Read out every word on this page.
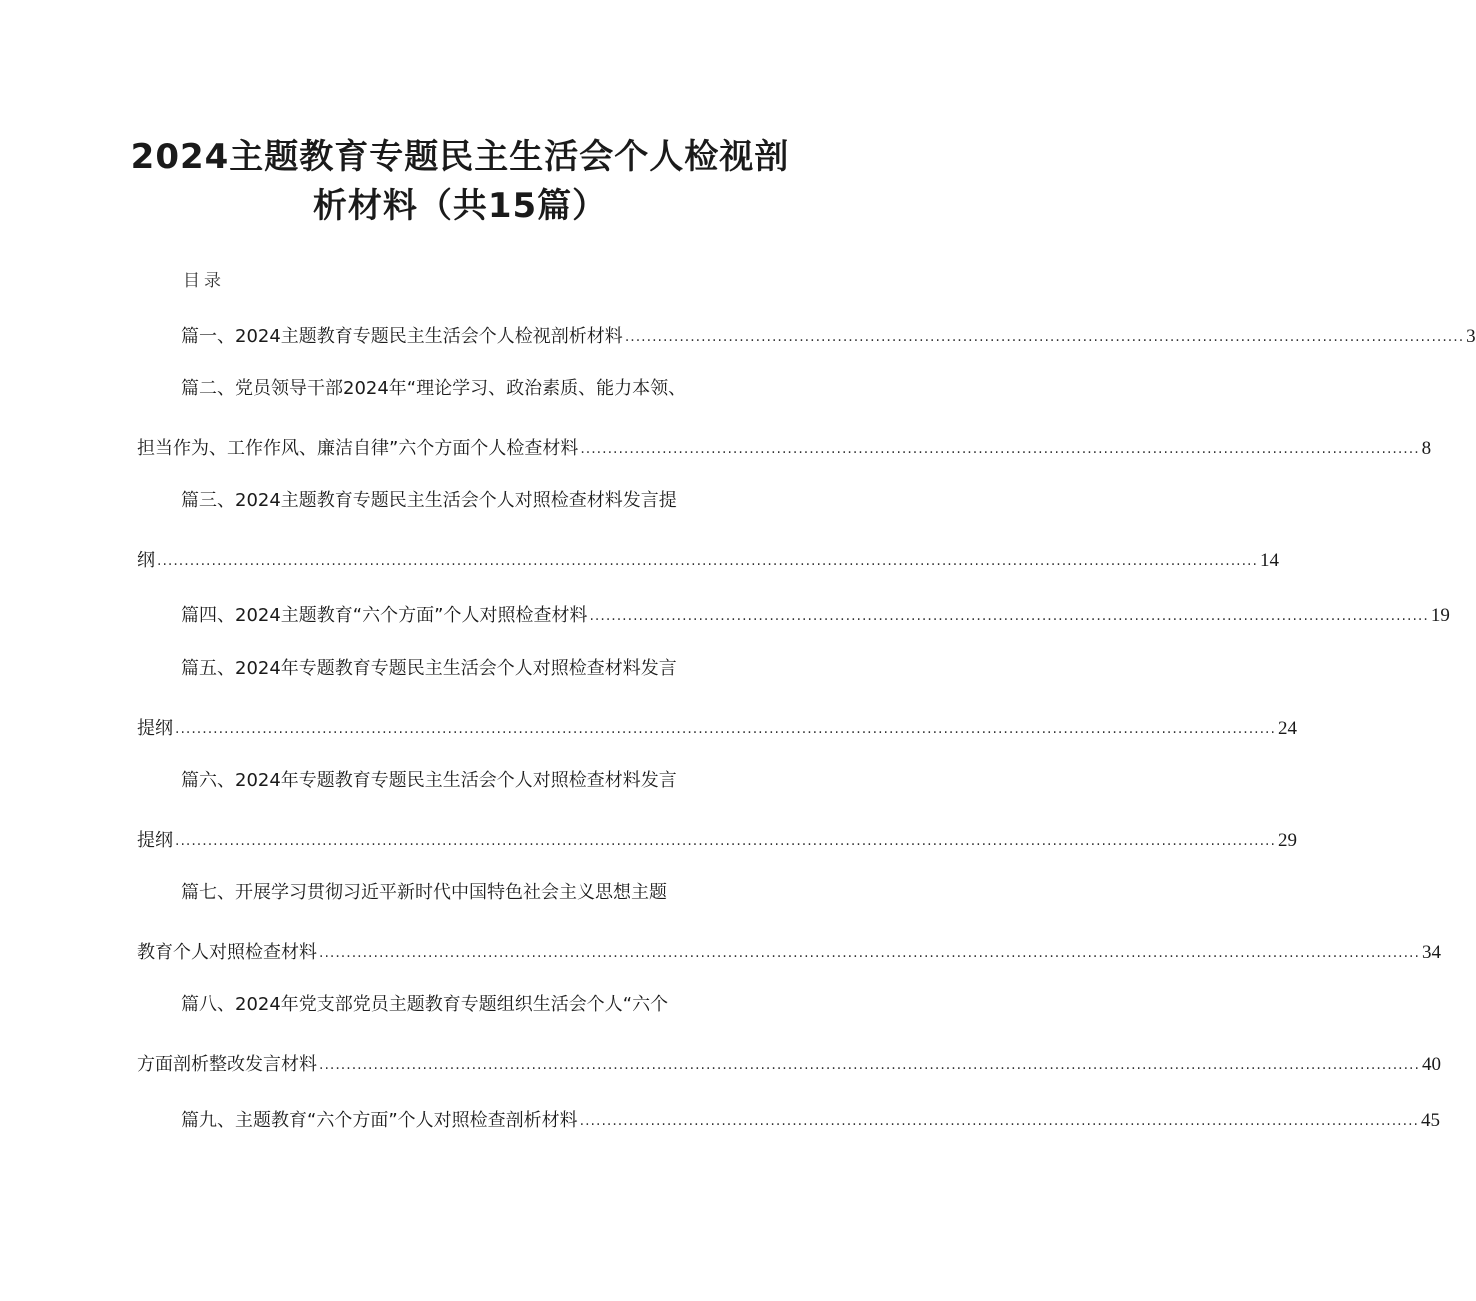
2024主题教育专题民主生活会个人检视剖
析材料（共15篇）
目录
篇一、2024主题教育专题民主生活会个人检视剖析材料 .......................................................................................................................................................... 3
篇二、党员领导干部2024年“理论学习、政治素质、能力本领、
担当作为、工作作风、廉洁自律”六个方面个人检查材料 .......................................................................................................................................................... 8
篇三、2024主题教育专题民主生活会个人对照检查材料发言提
纲 .......................................................................................................................................................................................................... 14
篇四、2024主题教育“六个方面”个人对照检查材料 .......................................................................................................................................................... 19
篇五、2024年专题教育专题民主生活会个人对照检查材料发言
提纲 .......................................................................................................................................................................................................... 24
篇六、2024年专题教育专题民主生活会个人对照检查材料发言
提纲 .......................................................................................................................................................................................................... 29
篇七、开展学习贯彻习近平新时代中国特色社会主义思想主题
教育个人对照检查材料 .......................................................................................................................................................................................................... 34
篇八、2024年党支部党员主题教育专题组织生活会个人“六个
方面剖析整改发言材料 .......................................................................................................................................................................................................... 40
篇九、主题教育“六个方面”个人对照检查剖析材料 .......................................................................................................................................................... 45
